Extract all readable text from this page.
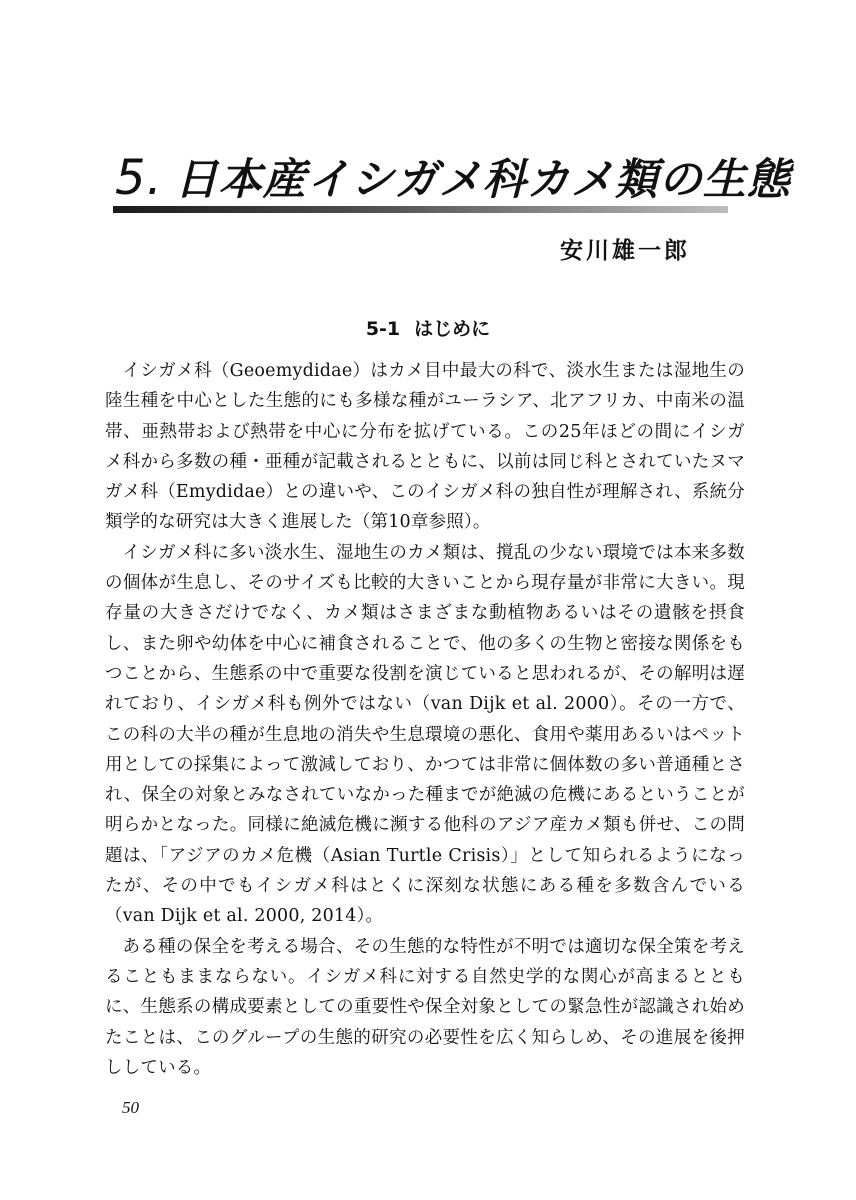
5. 日本産イシガメ科カメ類の生態
安川雄一郎
5-1 はじめに

イシガメ科（Geoemydidae）はカメ目中最大の科で、淡水生または湿地生の陸生種を中心とした生態的にも多様な種がユーラシア、北アフリカ、中南米の温帯、亜熱帯および熱帯を中心に分布を拡げている。この25年ほどの間にイシガメ科から多数の種・亜種が記載されるとともに、以前は同じ科とされていたヌマガメ科（Emydidae）との違いや、このイシガメ科の独自性が理解され、系統分類学的な研究は大きく進展した（第10章参照）。

イシガメ科に多い淡水生、湿地生のカメ類は、撹乱の少ない環境では本来多数の個体が生息し、そのサイズも比較的大きいことから現存量が非常に大きい。現存量の大きさだけでなく、カメ類はさまざまな動植物あるいはその遺骸を摂食し、また卵や幼体を中心に補食されることで、他の多くの生物と密接な関係をもつことから、生態系の中で重要な役割を演じていると思われるが、その解明は遅れており、イシガメ科も例外ではない（van Dijk et al. 2000）。その一方で、この科の大半の種が生息地の消失や生息環境の悪化、食用や薬用あるいはペット用としての採集によって激減しており、かつては非常に個体数の多い普通種とされ、保全の対象とみなされていなかった種までが絶滅の危機にあるということが明らかとなった。同様に絶滅危機に瀕する他科のアジア産カメ類も併せ、この問題は、「アジアのカメ危機（Asian Turtle Crisis）」として知られるようになったが、その中でもイシガメ科はとくに深刻な状態にある種を多数含んでいる（van Dijk et al. 2000, 2014）。

ある種の保全を考える場合、その生態的な特性が不明では適切な保全策を考えることもままならない。イシガメ科に対する自然史学的な関心が高まるとともに、生態系の構成要素としての重要性や保全対象としての緊急性が認識され始めたことは、このグループの生態的研究の必要性を広く知らしめ、その進展を後押ししている。

50
